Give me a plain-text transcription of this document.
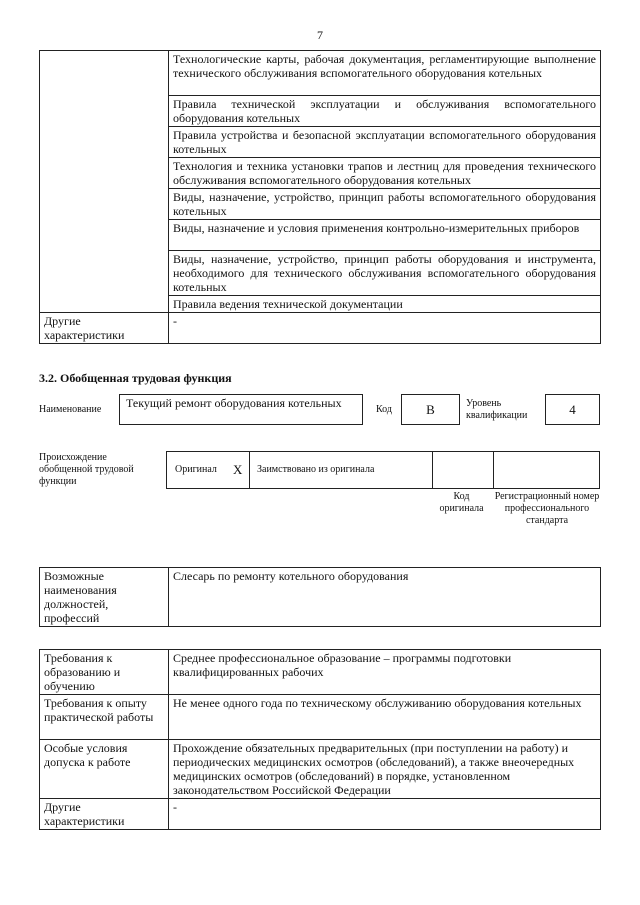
7
	Технологические карты, рабочая документация, регламентирующие выполнение технического обслуживания вспомогательного оборудования котельных
	Правила технической эксплуатации и обслуживания вспомогательного оборудования котельных
	Правила устройства и безопасной эксплуатации вспомогательного оборудования котельных
	Технология и техника установки трапов и лестниц для проведения технического обслуживания вспомогательного оборудования котельных
	Виды, назначение, устройство, принцип работы вспомогательного оборудования котельных
	Виды, назначение и условия применения контрольно-измерительных приборов
	Виды, назначение, устройство, принцип работы оборудования и инструмента, необходимого для технического обслуживания вспомогательного оборудования котельных
	Правила ведения технической документации
Другие характеристики	-
3.2. Обобщенная трудовая функция
Наименование	Текущий ремонт оборудования котельных	Код	B	Уровень квалификации	4
Происхождение обобщенной трудовой функции
Оригинал X Заимствовано из оригинала
Код оригинала
Регистрационный номер профессионального стандарта
Возможные наименования должностей, профессий	Слесарь по ремонту котельного оборудования
Требования к образованию и обучению	Среднее профессиональное образование – программы подготовки квалифицированных рабочих
Требования к опыту практической работы	Не менее одного года по техническому обслуживанию оборудования котельных
Особые условия допуска к работе	Прохождение обязательных предварительных (при поступлении на работу) и периодических медицинских осмотров (обследований), а также внеочередных медицинских осмотров (обследований) в порядке, установленном законодательством Российской Федерации
Другие характеристики	-
